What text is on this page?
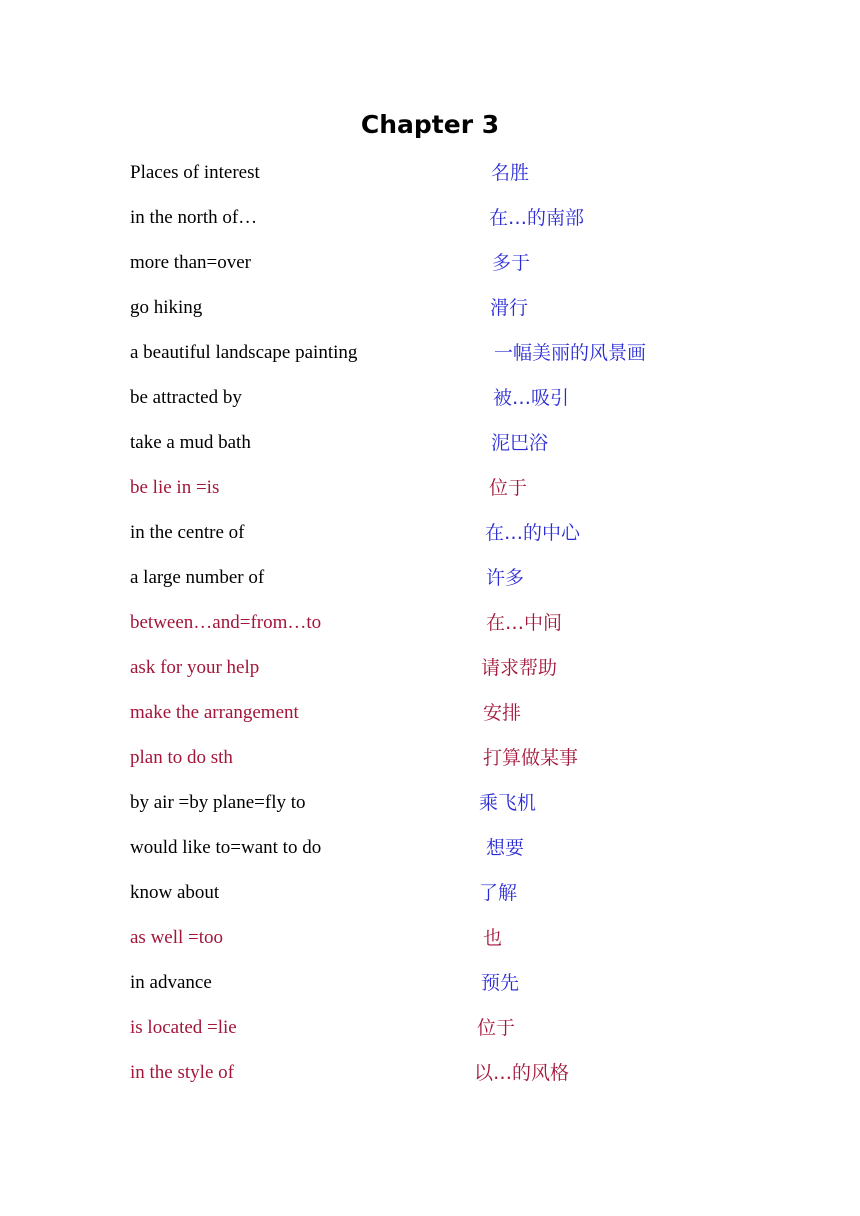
Chapter 3
Places of interest	名胜
in the north of…	在…的南部
more than=over	多于
go hiking	滑行
a beautiful landscape painting	一幅美丽的风景画
be attracted by	被…吸引
take a mud bath	泥巴浴
be lie in =is	位于
in the centre of	在…的中心
a large number of	许多
between…and=from…to	在…中间
ask for your help	请求帮助
make the arrangement	安排
plan to do sth	打算做某事
by air =by plane=fly to	乘飞机
would like to=want to do	想要
know about	了解
as well =too	也
in advance	预先
is located =lie	位于
in the style of	以…的风格
